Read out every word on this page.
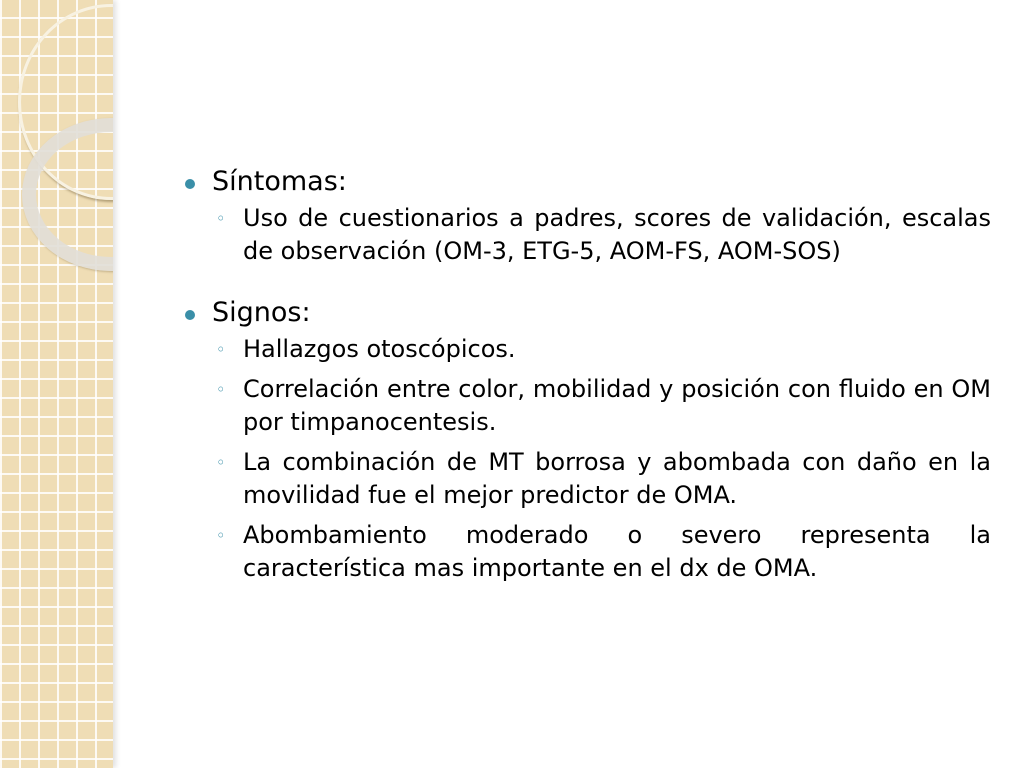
Síntomas:
◦ Uso de cuestionarios a padres, scores de validación, escalas de observación (OM-3, ETG-5, AOM-FS, AOM-SOS)
Signos:
◦ Hallazgos otoscópicos.
◦ Correlación entre color, mobilidad y posición con fluido en OM por timpanocentesis.
◦ La combinación de MT borrosa y abombada con daño en la movilidad fue el mejor predictor de OMA.
◦ Abombamiento moderado o severo representa la característica mas importante en el dx de OMA.
